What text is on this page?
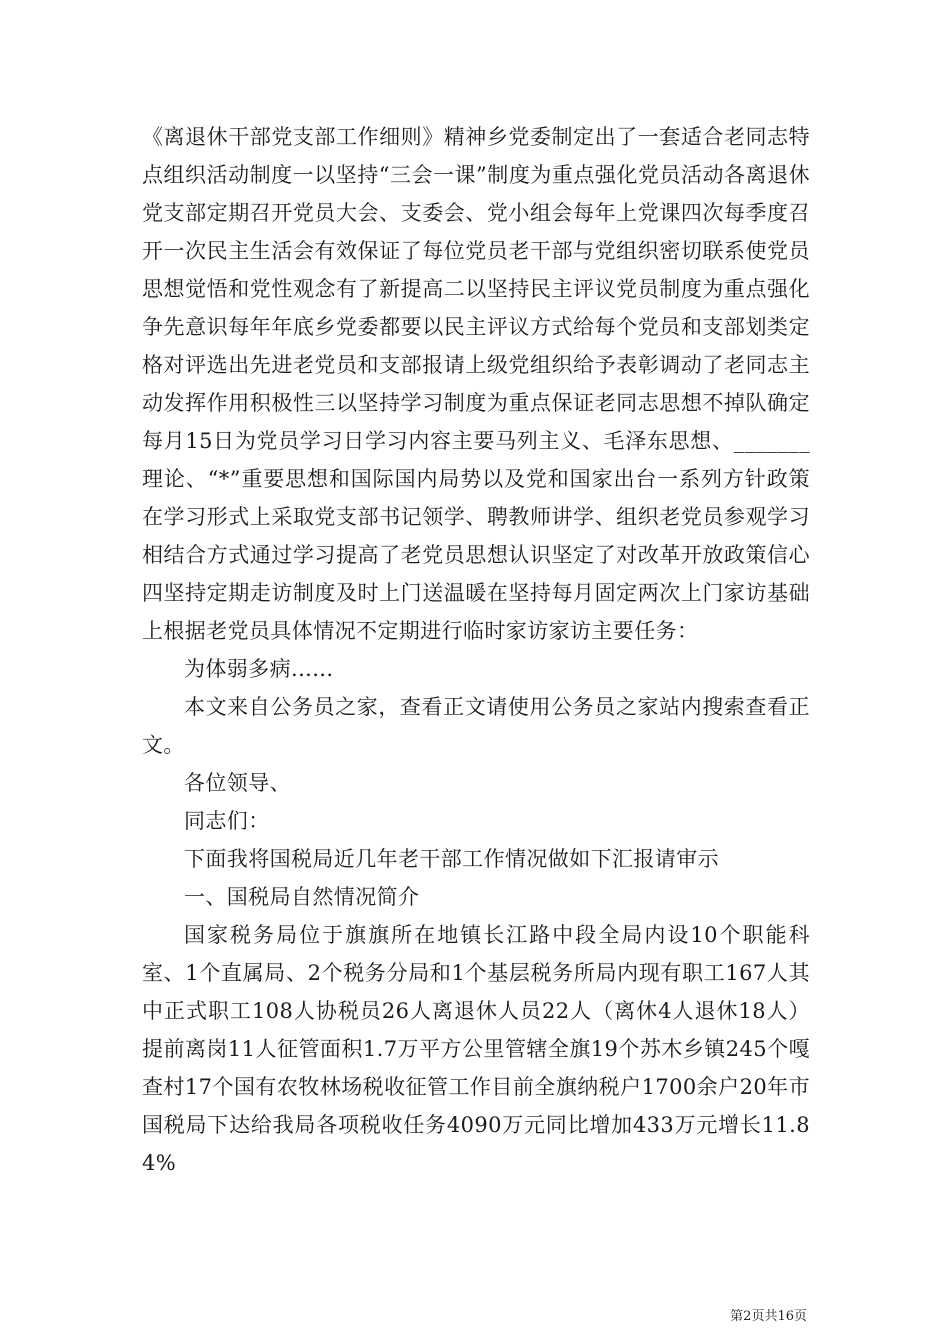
《离退休干部党支部工作细则》精神乡党委制定出了一套适合老同志特点组织活动制度一以坚持“三会一课”制度为重点强化党员活动各离退休党支部定期召开党员大会、支委会、党小组会每年上党课四次每季度召开一次民主生活会有效保证了每位党员老干部与党组织密切联系使党员思想觉悟和党性观念有了新提高二以坚持民主评议党员制度为重点强化争先意识每年年底乡党委都要以民主评议方式给每个党员和支部划类定格对评选出先进老党员和支部报请上级党组织给予表彰调动了老同志主动发挥作用积极性三以坚持学习制度为重点保证老同志思想不掉队确定每月15日为党员学习日学习内容主要马列主义、毛泽东思想、_______理论、“*”重要思想和国际国内局势以及党和国家出台一系列方针政策在学习形式上采取党支部书记领学、聘教师讲学、组织老党员参观学习相结合方式通过学习提高了老党员思想认识坚定了对改革开放政策信心四坚持定期走访制度及时上门送温暖在坚持每月固定两次上门家访基础上根据老党员具体情况不定期进行临时家访家访主要任务：

为体弱多病......

本文来自公务员之家，查看正文请使用公务员之家站内搜索查看正文。

各位领导、

同志们：

下面我将国税局近几年老干部工作情况做如下汇报请审示

一、国税局自然情况简介

国家税务局位于旗旗所在地镇长江路中段全局内设10个职能科室、1个直属局、2个税务分局和1个基层税务所局内现有职工167人其中正式职工108人协税员26人离退休人员22人（离休4人退休18人）提前离岗11人征管面积1.7万平方公里管辖全旗19个苏木乡镇245个嘎查村17个国有农牧林场税收征管工作目前全旗纳税户1700余户20年市国税局下达给我局各项税收任务4090万元同比增加433万元增长11.84%

第2页共16页
